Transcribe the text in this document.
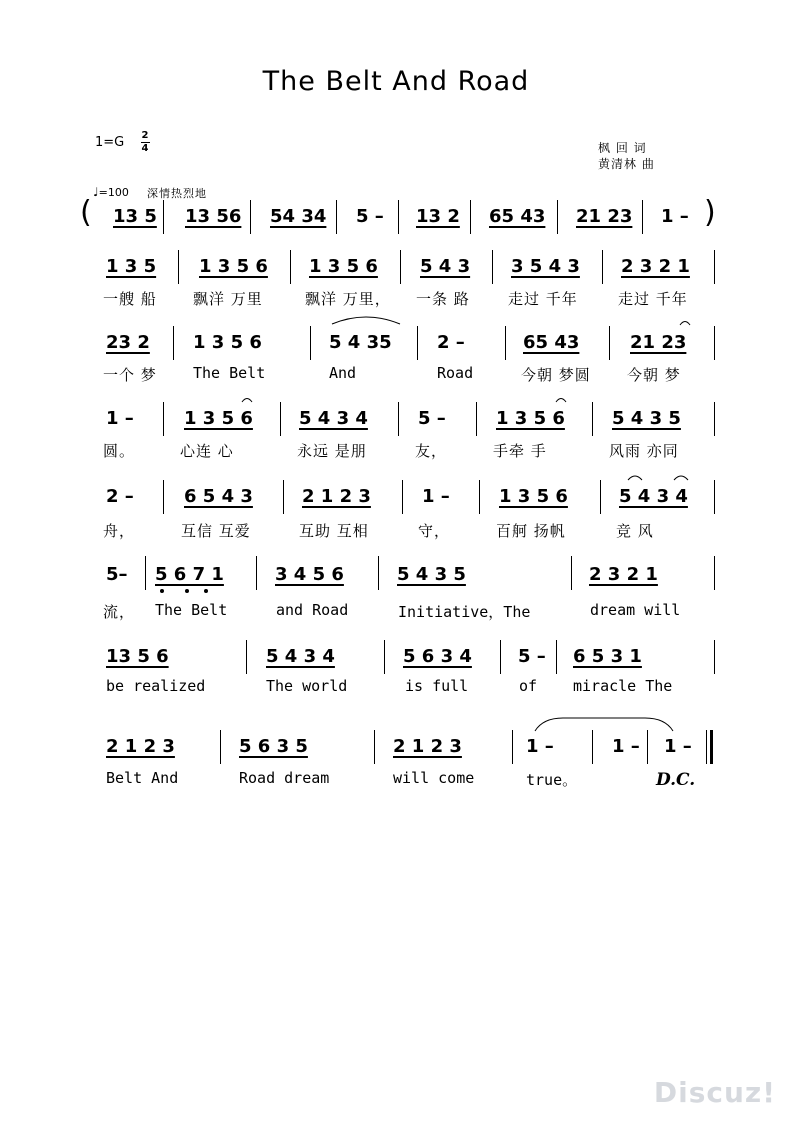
The Belt And Road
1=G 2
4	枫 回 词
黄清林 曲
♩=100 深情热烈地
(	)
13 5 13 56 54 34 5 – 13 2 65 43 21 23 1 –
1 3 5
一艘 船
1 3 5 6
飘洋 万里
1 3 5 6
飘洋 万里，
5 4 3
一条 路
3 5 4 3
走过 千年
2 3 2 1
走过 千年
23 2
一个 梦
1 3 5 6
The Belt
5 4 35
And
2 –
Road
65 43
今朝 梦圆
21 23
今朝 梦
1 –
圆。
1 3 5 6
心连 心
5 4 3 4
永远 是朋
5 –
友，
1 3 5 6
手牵 手
5 4 3 5
风雨 亦同
2 –
舟，
6 5 4 3
互信 互爱
2 1 2 3
互助 互相
1 –
守，
1 3 5 6
百舸 扬帆
5 4 3 4
竞 风
5–
流，
5 6 7 1
The Belt
3 4 5 6
and Road
5 4 3 5
Initiative，The
2 3 2 1
dream will
13 5 6
be realized
5 4 3 4
The world
5 6 3 4
is full
5 –
of
6 5 3 1
miracle The
2 1 2 3
Belt And
5 6 3 5
Road dream
2 1 2 3
will come
1 –
true。
1 – 1 –
D.C.
Discuz!
